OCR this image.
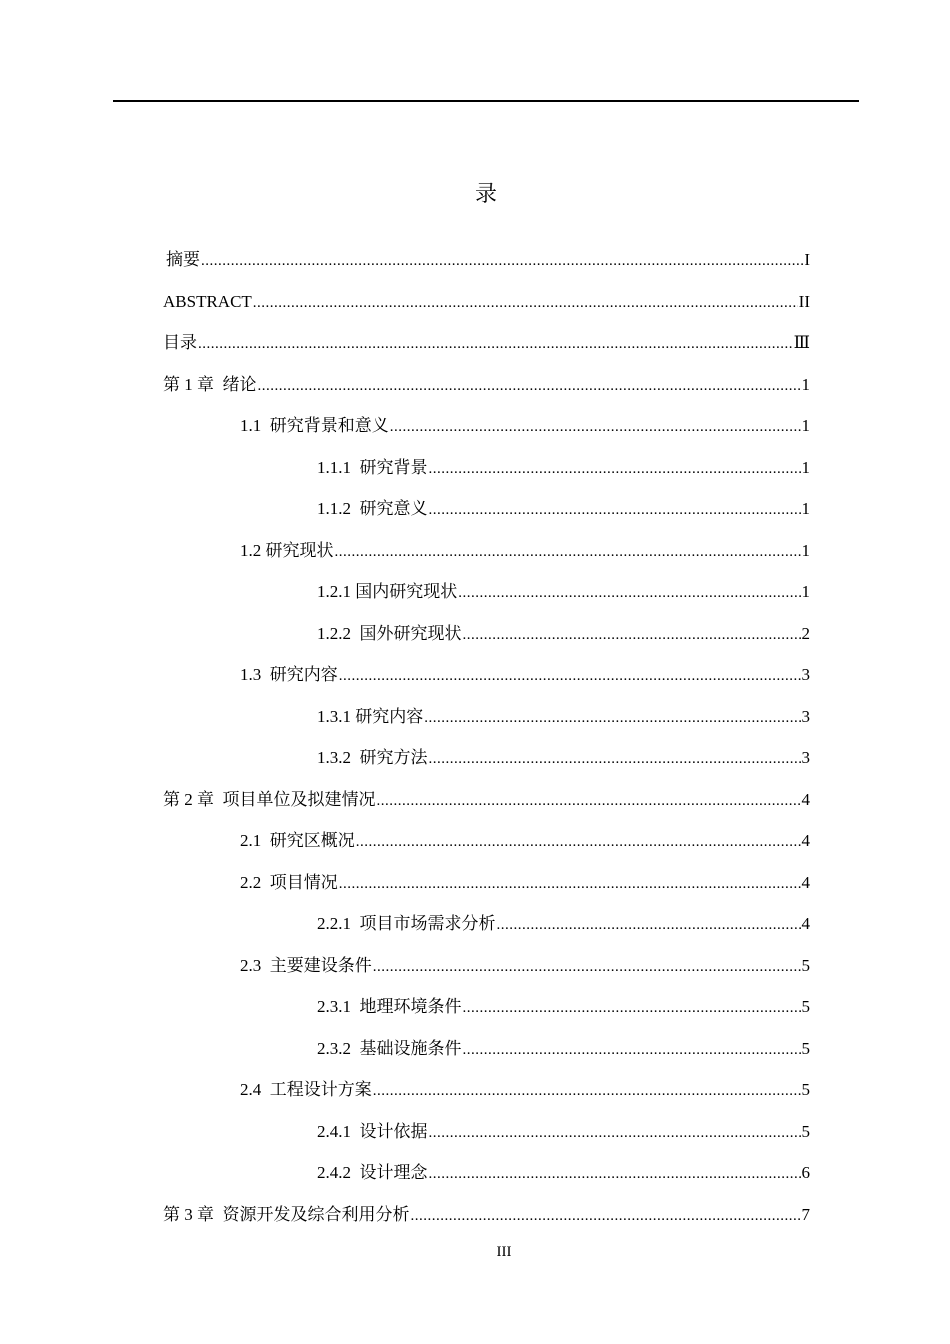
录
摘要 .....	I
ABSTRACT .....	II
目录 .....	Ⅲ
第 1 章  绪论 .....	1
1.1  研究背景和意义 .....	1
1.1.1  研究背景 .....	1
1.1.2  研究意义 .....	1
1.2 研究现状 .....	1
1.2.1 国内研究现状 .....	1
1.2.2  国外研究现状 .....	2
1.3  研究内容 .....	3
1.3.1 研究内容 .....	3
1.3.2  研究方法 .....	3
第 2 章  项目单位及拟建情况 .....	4
2.1  研究区概况 .....	4
2.2  项目情况 .....	4
2.2.1  项目市场需求分析 .....	4
2.3  主要建设条件 .....	5
2.3.1  地理环境条件 .....	5
2.3.2  基础设施条件 .....	5
2.4  工程设计方案 .....	5
2.4.1  设计依据 .....	5
2.4.2  设计理念 .....	6
第 3 章  资源开发及综合利用分析 .....	7
III
